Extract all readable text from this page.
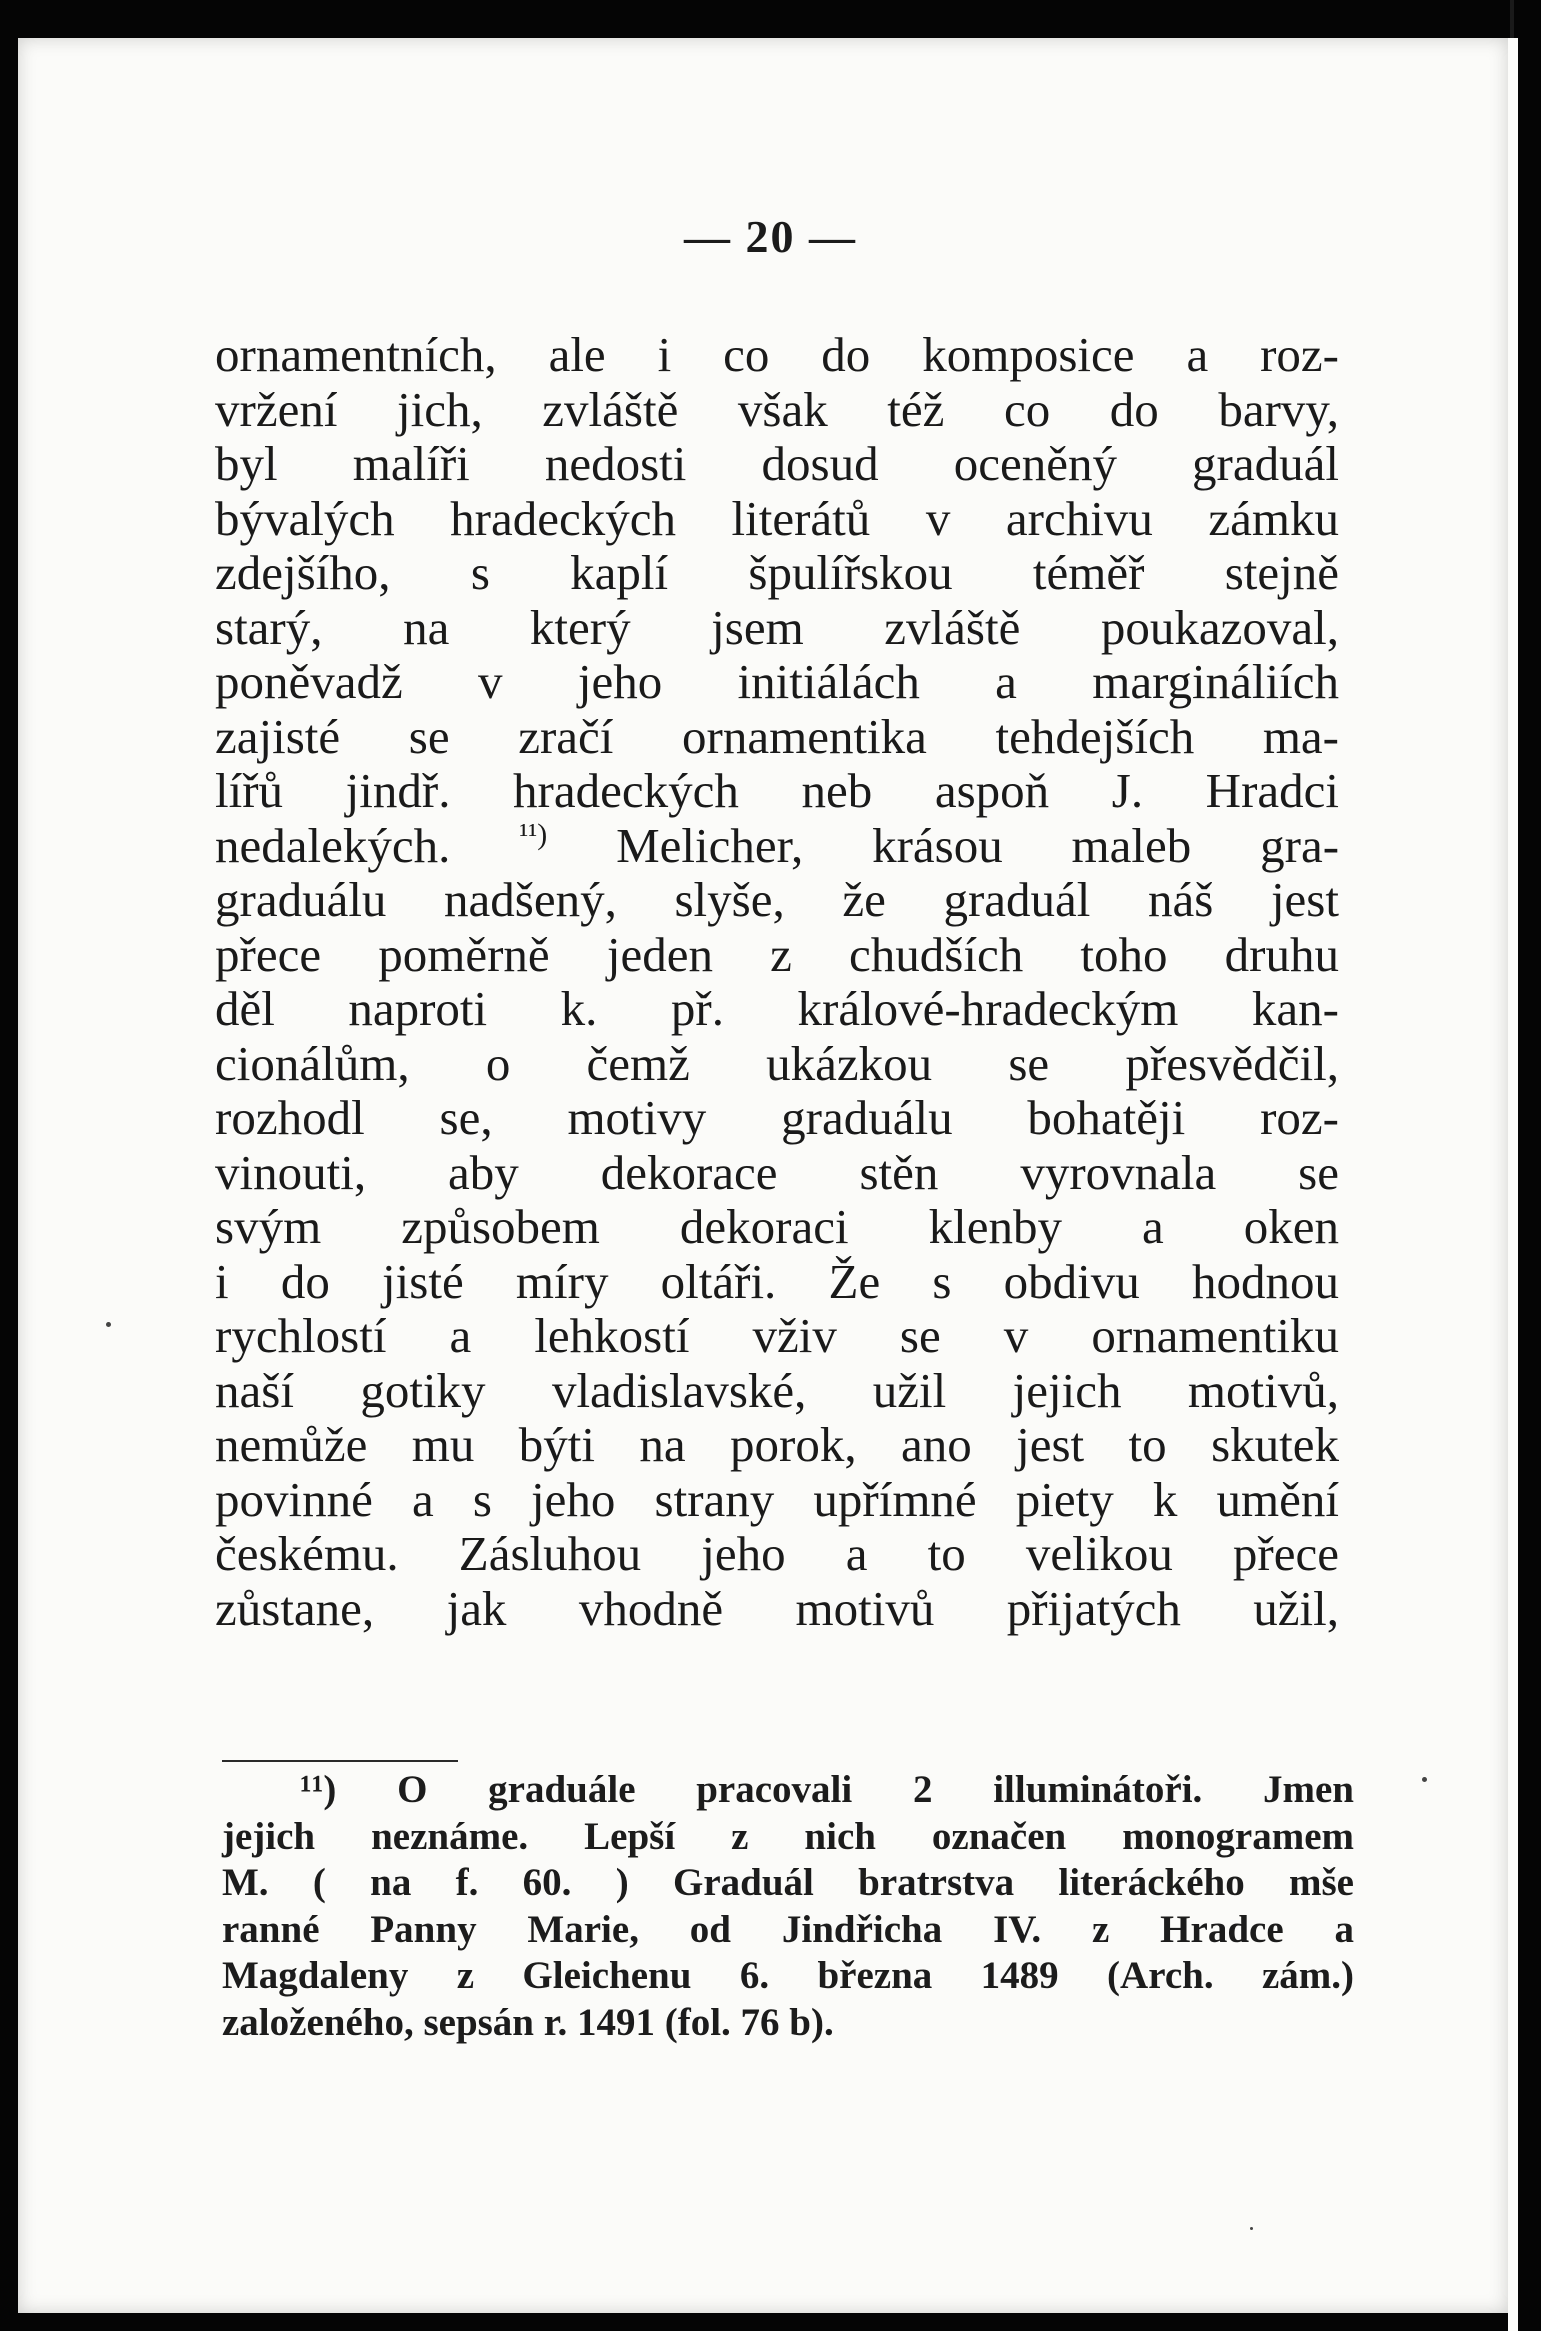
— 20 —
ornamentních, ale i co do komposice a roz-
vržení jich, zvláště však též co do barvy,
byl malíři nedosti dosud oceněný graduál
bývalých hradeckých literátů v archivu zámku
zdejšího, s kaplí špulířskou téměř stejně
starý, na který jsem zvláště poukazoval,
poněvadž v jeho initiálách a margináliích
zajisté se zračí ornamentika tehdejších ma-
lířů jindř. hradeckých neb aspoň J. Hradci
nedalekých. $^{^{11})}$ Melicher, krásou maleb gra-
graduálu nadšený, slyše, že graduál náš jest
přece poměrně jeden z chudších toho druhu
děl naproti k. př. králové-hradeckým kan-
cionálům, o čemž ukázkou se přesvědčil,
rozhodl se, motivy graduálu bohatěji roz-
vinouti, aby dekorace stěn vyrovnala se
svým způsobem dekoraci klenby a oken
i do jisté míry oltáři. Že s obdivu hodnou
rychlostí a lehkostí vživ se v ornamentiku
naší gotiky vladislavské, užil jejich motivů,
nemůže mu býti na porok, ano jest to skutek
povinné a s jeho strany upřímné piety k umění
českému. Zásluhou jeho a to velikou přece
zůstane, jak vhodně motivů přijatých užil,
¹¹) O graduále pracovali 2 illuminátoři. Jmen
jejich neznáme. Lepší z nich označen monogramem
M. ( na f. 60. ) Graduál bratrstva literáckého mše
ranné Panny Marie, od Jindřicha IV. z Hradce a
Magdaleny z Gleichenu 6. března 1489 (Arch. zám.)
založeného, sepsán r. 1491 (fol. 76 b).
